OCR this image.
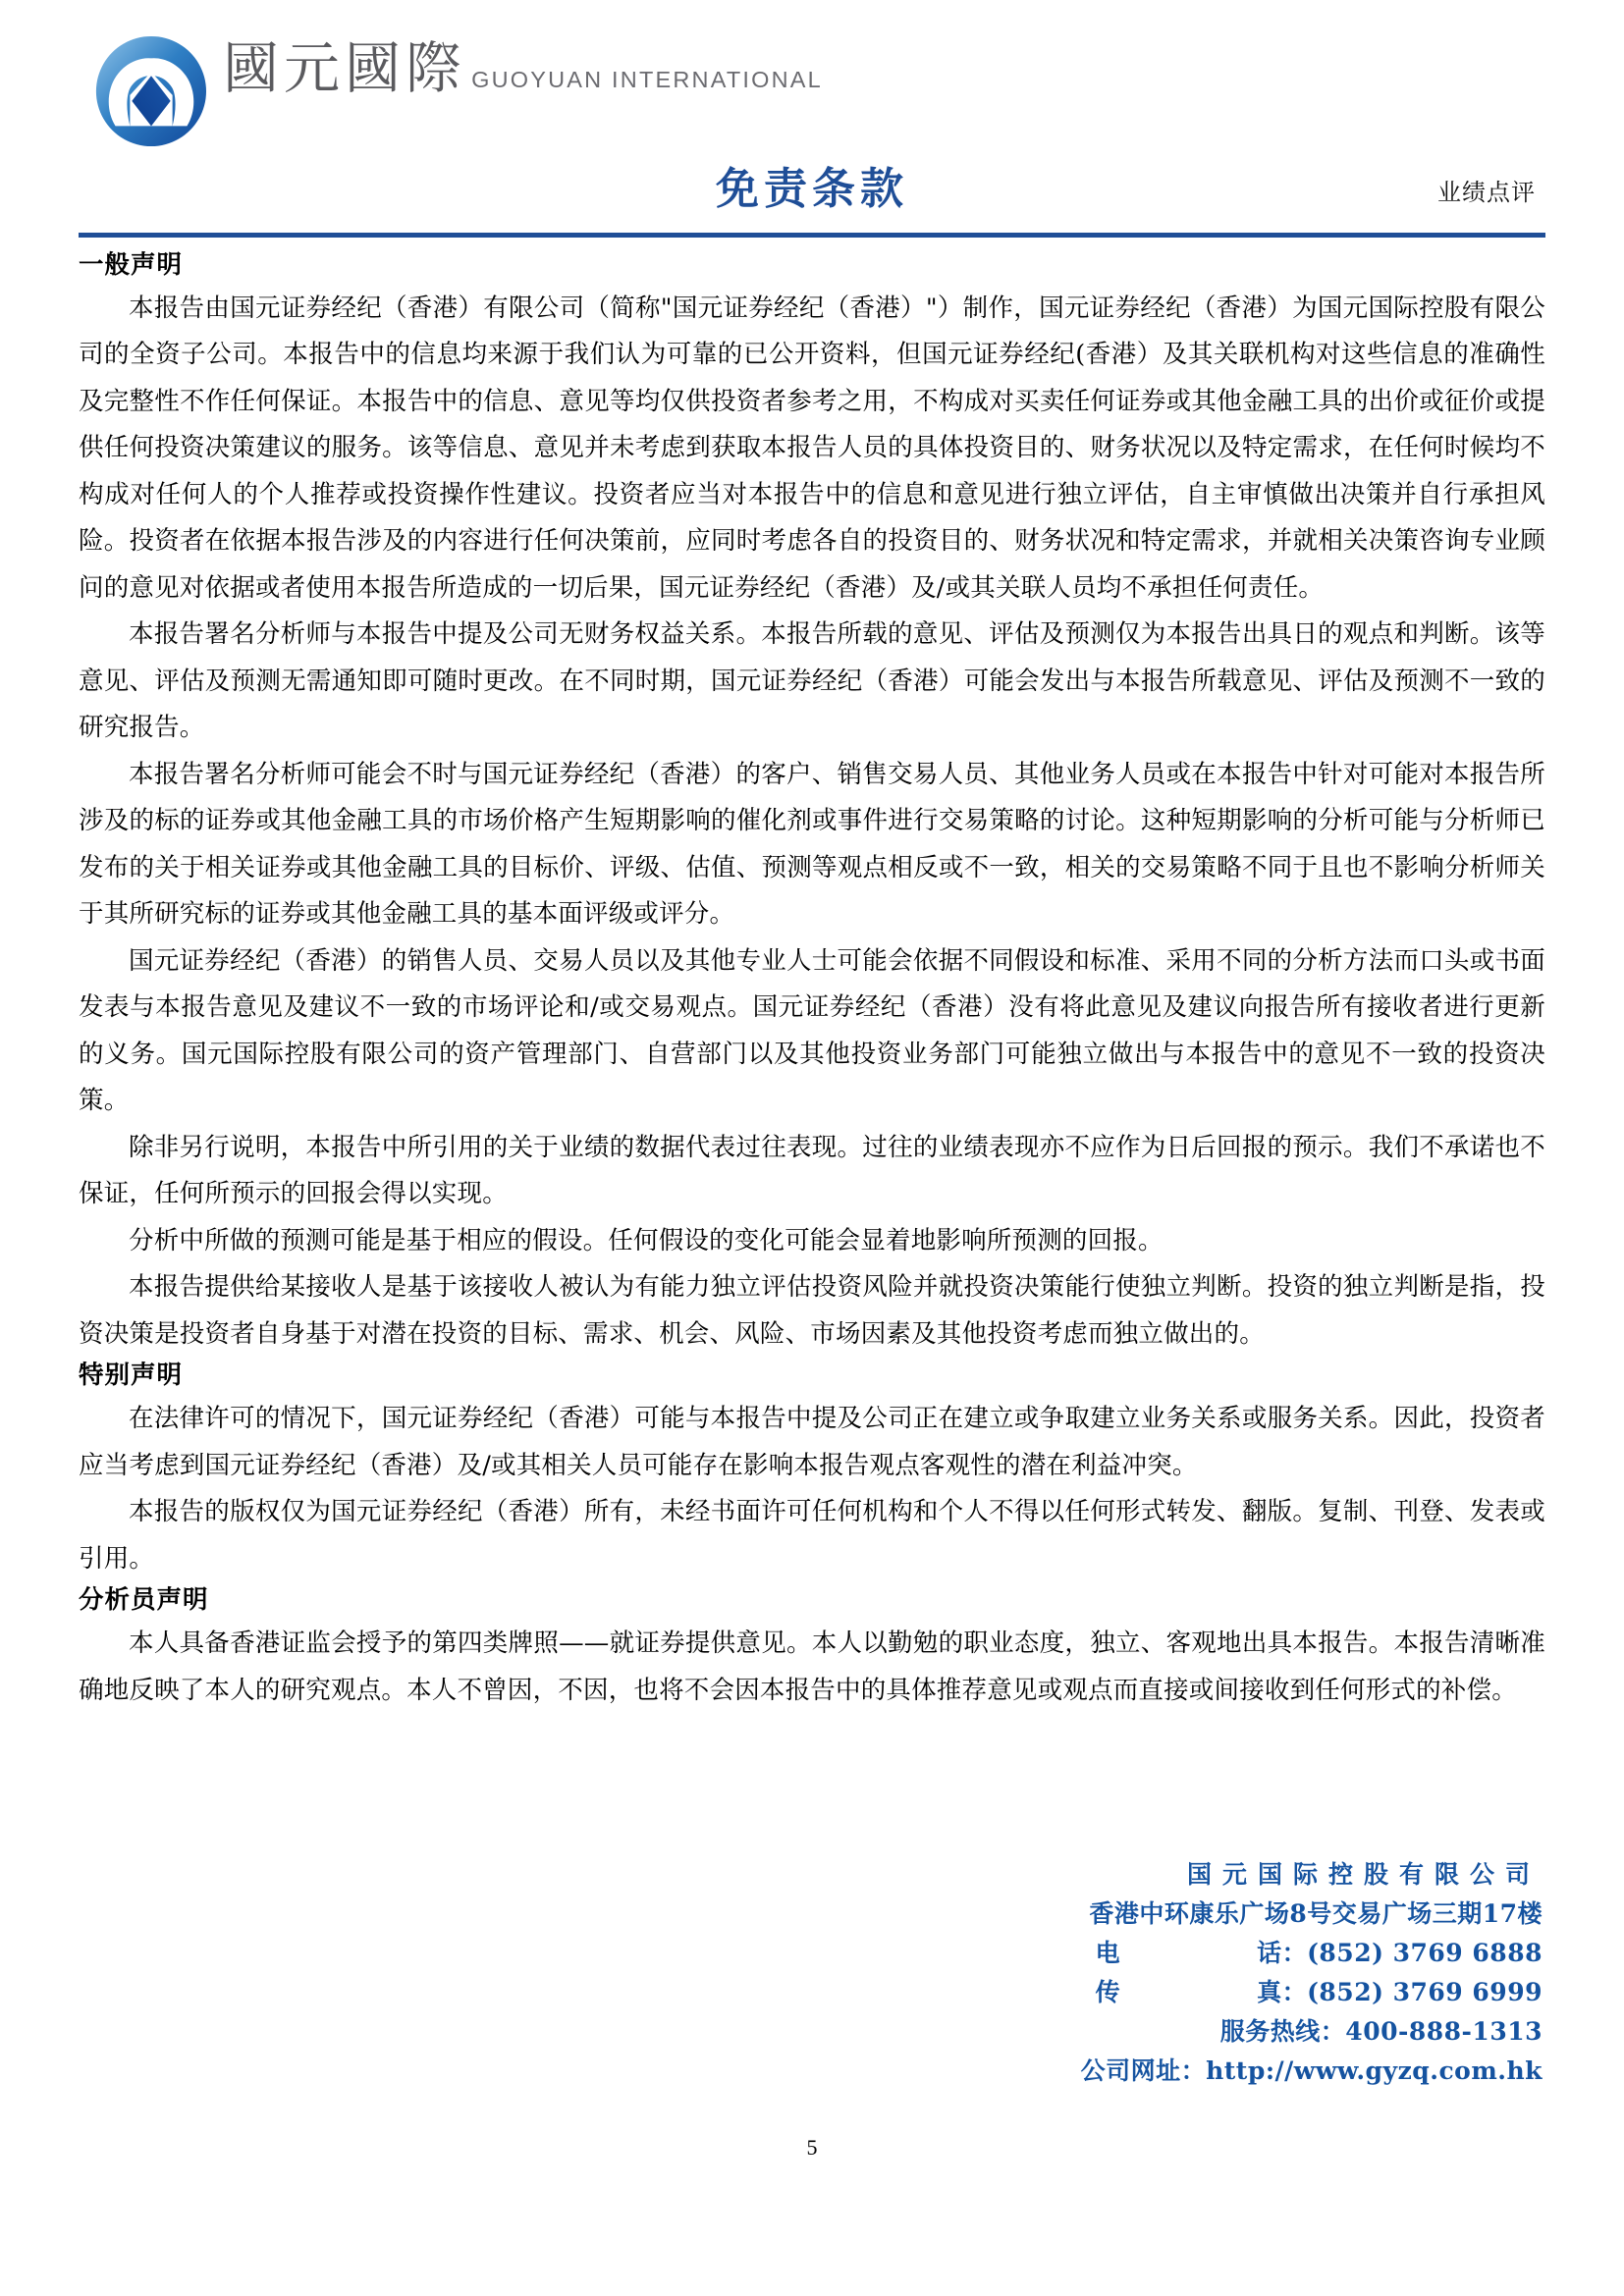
國元國際 GUOYUAN INTERNATIONAL
免责条款	业绩点评
一般声明

本报告由国元证券经纪（香港）有限公司（简称"国元证券经纪（香港）"）制作，国元证券经纪（香港）为国元国际控股有限公司的全资子公司。本报告中的信息均来源于我们认为可靠的已公开资料，但国元证券经纪(香港）及其关联机构对这些信息的准确性及完整性不作任何保证。本报告中的信息、意见等均仅供投资者参考之用，不构成对买卖任何证券或其他金融工具的出价或征价或提供任何投资决策建议的服务。该等信息、意见并未考虑到获取本报告人员的具体投资目的、财务状况以及特定需求，在任何时候均不构成对任何人的个人推荐或投资操作性建议。投资者应当对本报告中的信息和意见进行独立评估，自主审慎做出决策并自行承担风险。投资者在依据本报告涉及的内容进行任何决策前，应同时考虑各自的投资目的、财务状况和特定需求，并就相关决策咨询专业顾问的意见对依据或者使用本报告所造成的一切后果，国元证券经纪（香港）及/或其关联人员均不承担任何责任。

本报告署名分析师与本报告中提及公司无财务权益关系。本报告所载的意见、评估及预测仅为本报告出具日的观点和判断。该等意见、评估及预测无需通知即可随时更改。在不同时期，国元证券经纪（香港）可能会发出与本报告所载意见、评估及预测不一致的研究报告。

本报告署名分析师可能会不时与国元证券经纪（香港）的客户、销售交易人员、其他业务人员或在本报告中针对可能对本报告所涉及的标的证券或其他金融工具的市场价格产生短期影响的催化剂或事件进行交易策略的讨论。这种短期影响的分析可能与分析师已发布的关于相关证券或其他金融工具的目标价、评级、估值、预测等观点相反或不一致，相关的交易策略不同于且也不影响分析师关于其所研究标的证券或其他金融工具的基本面评级或评分。

国元证券经纪（香港）的销售人员、交易人员以及其他专业人士可能会依据不同假设和标准、采用不同的分析方法而口头或书面发表与本报告意见及建议不一致的市场评论和/或交易观点。国元证券经纪（香港）没有将此意见及建议向报告所有接收者进行更新的义务。国元国际控股有限公司的资产管理部门、自营部门以及其他投资业务部门可能独立做出与本报告中的意见不一致的投资决策。

除非另行说明，本报告中所引用的关于业绩的数据代表过往表现。过往的业绩表现亦不应作为日后回报的预示。我们不承诺也不保证，任何所预示的回报会得以实现。

分析中所做的预测可能是基于相应的假设。任何假设的变化可能会显着地影响所预测的回报。

本报告提供给某接收人是基于该接收人被认为有能力独立评估投资风险并就投资决策能行使独立判断。投资的独立判断是指，投资决策是投资者自身基于对潜在投资的目标、需求、机会、风险、市场因素及其他投资考虑而独立做出的。

特别声明

在法律许可的情况下，国元证券经纪（香港）可能与本报告中提及公司正在建立或争取建立业务关系或服务关系。因此，投资者应当考虑到国元证券经纪（香港）及/或其相关人员可能存在影响本报告观点客观性的潜在利益冲突。

本报告的版权仅为国元证券经纪（香港）所有，未经书面许可任何机构和个人不得以任何形式转发、翻版。复制、刊登、发表或引用。

分析员声明

本人具备香港证监会授予的第四类牌照——就证券提供意见。本人以勤勉的职业态度，独立、客观地出具本报告。本报告清晰准确地反映了本人的研究观点。本人不曾因，不因，也将不会因本报告中的具体推荐意见或观点而直接或间接收到任何形式的补偿。

国元国际控股有限公司
香港中环康乐广场8号交易广场三期17楼
电话：(852) 3769 6888
传真：(852) 3769 6999
服务热线：400-888-1313
公司网址：http://www.gyzq.com.hk
5
